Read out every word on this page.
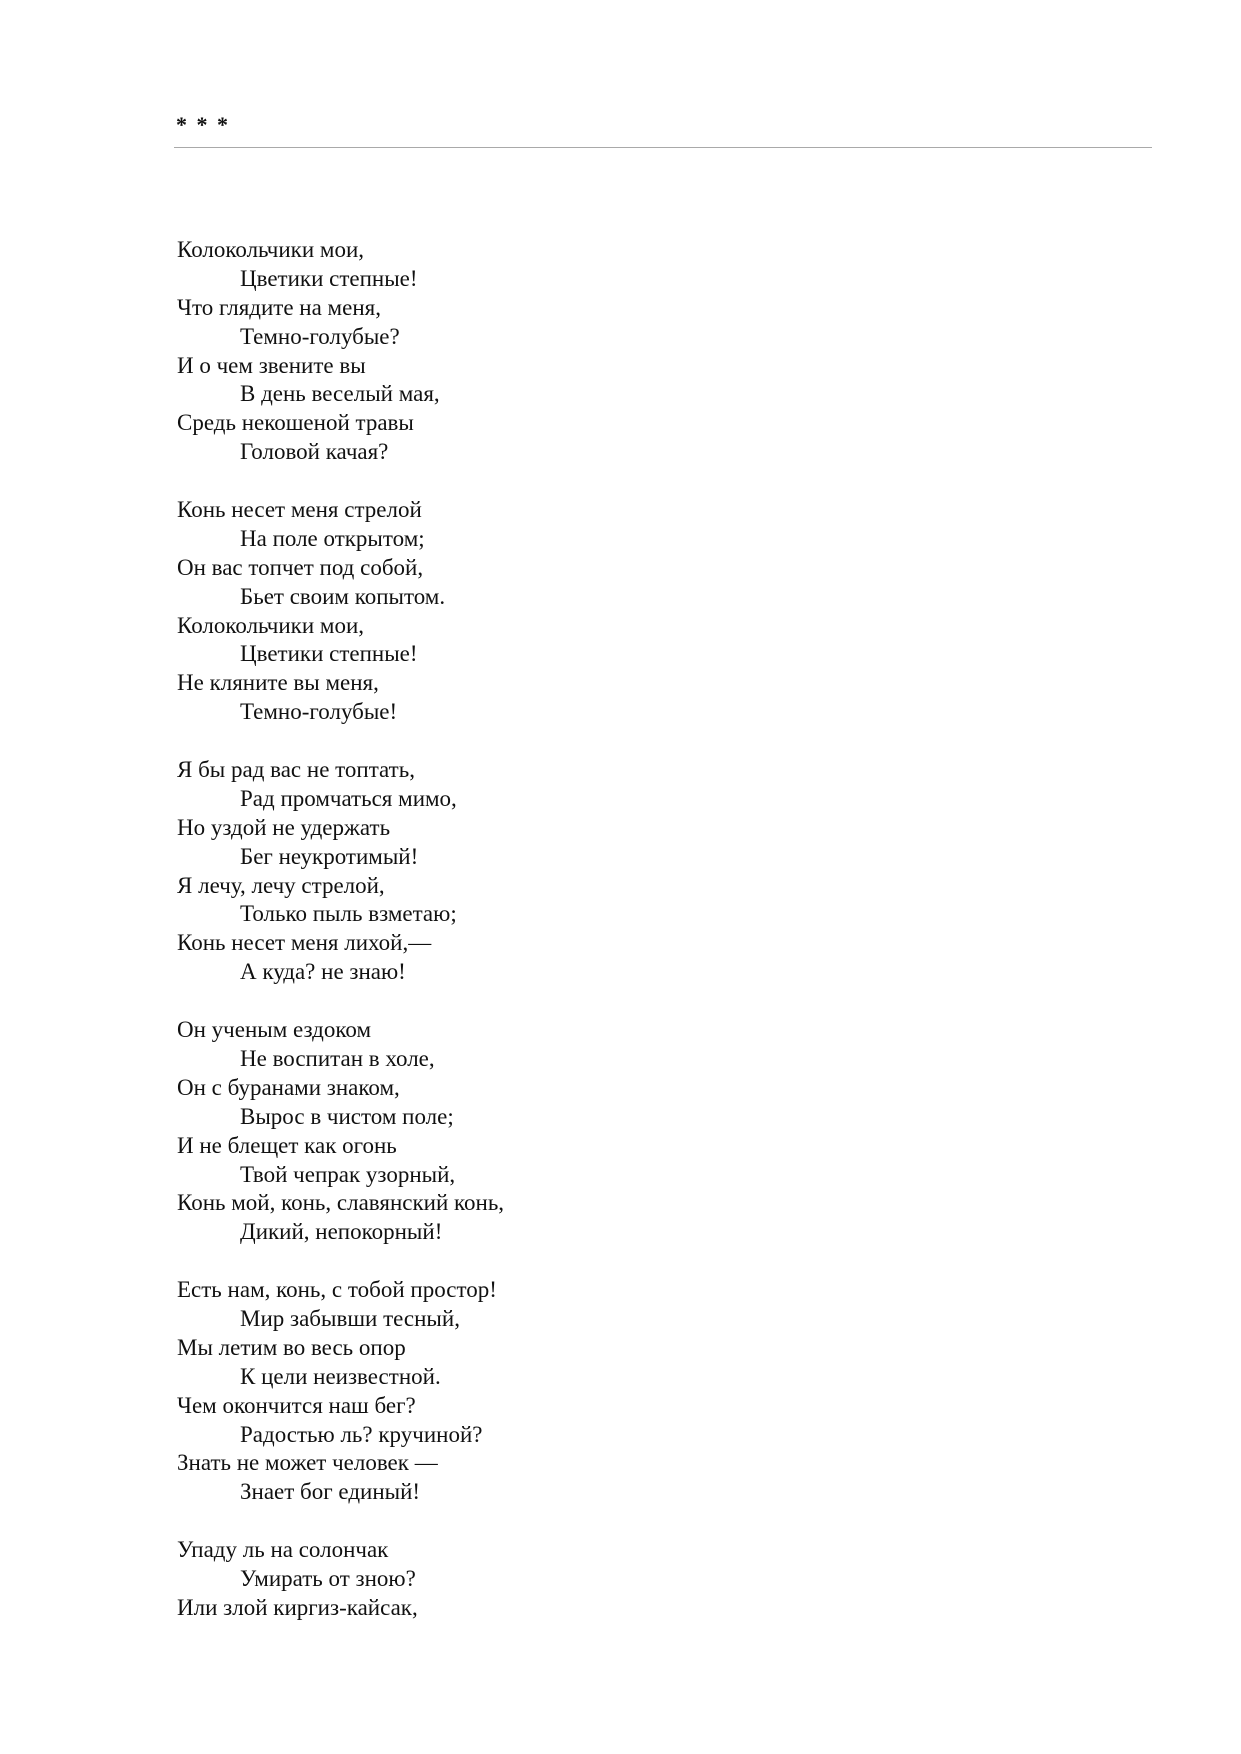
* * *
Колокольчики мои,
Цветики степные!
Что глядите на меня,
Темно-голубые?
И о чем звените вы
В день веселый мая,
Средь некошеной травы
Головой качая?
Конь несет меня стрелой
На поле открытом;
Он вас топчет под собой,
Бьет своим копытом.
Колокольчики мои,
Цветики степные!
Не кляните вы меня,
Темно-голубые!
Я бы рад вас не топтать,
Рад промчаться мимо,
Но уздой не удержать
Бег неукротимый!
Я лечу, лечу стрелой,
Только пыль взметаю;
Конь несет меня лихой,—
А куда? не знаю!
Он ученым ездоком
Не воспитан в холе,
Он с буранами знаком,
Вырос в чистом поле;
И не блещет как огонь
Твой чепрак узорный,
Конь мой, конь, славянский конь,
Дикий, непокорный!
Есть нам, конь, с тобой простор!
Мир забывши тесный,
Мы летим во весь опор
К цели неизвестной.
Чем окончится наш бег?
Радостью ль? кручиной?
Знать не может человек —
Знает бог единый!
Упаду ль на солончак
Умирать от зною?
Или злой киргиз-кайсак,
